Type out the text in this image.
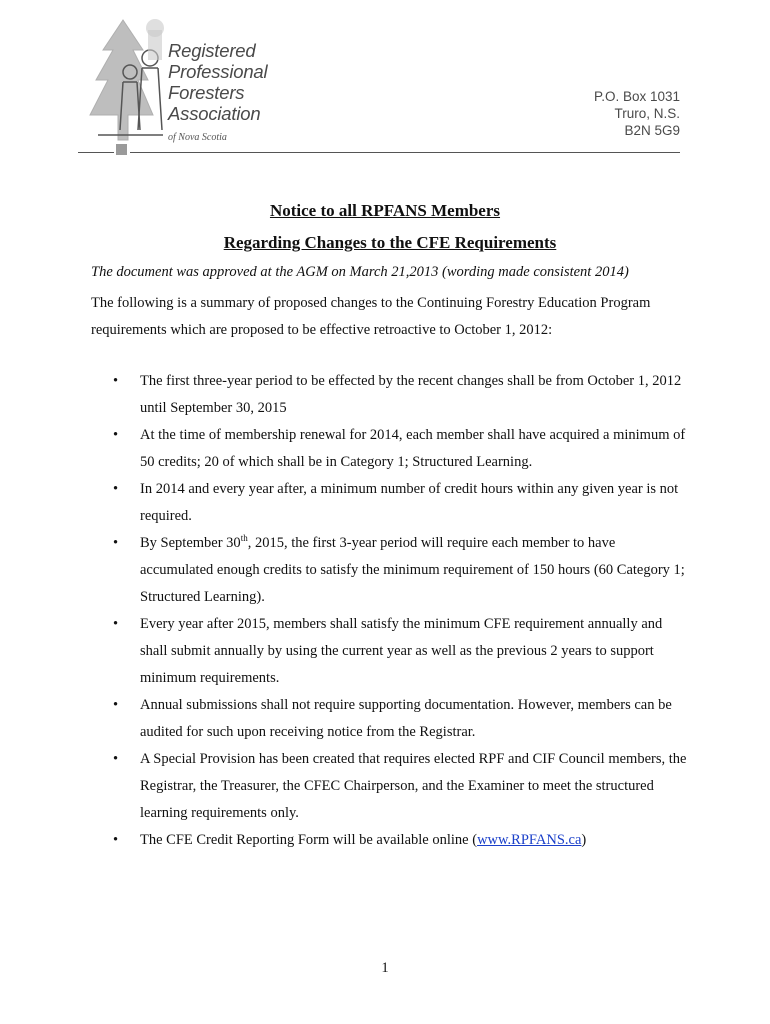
Registered
Professional
Foresters
Association
of Nova Scotia
P.O. Box 1031
Truro, N.S.
B2N 5G9
Notice to all RPFANS Members
Regarding Changes to the CFE Requirements
The document was approved at the AGM on March 21,2013 (wording made consistent 2014)
The following is a summary of proposed changes to the Continuing Forestry Education Program requirements which are proposed to be effective retroactive to October 1, 2012:
• The first three-year period to be effected by the recent changes shall be from October 1, 2012 until September 30, 2015
• At the time of membership renewal for 2014, each member shall have acquired a minimum of 50 credits; 20 of which shall be in Category 1; Structured Learning.
• In 2014 and every year after, a minimum number of credit hours within any given year is not required.
• By September 30th, 2015, the first 3-year period will require each member to have accumulated enough credits to satisfy the minimum requirement of 150 hours (60 Category 1; Structured Learning).
• Every year after 2015, members shall satisfy the minimum CFE requirement annually and shall submit annually by using the current year as well as the previous 2 years to support minimum requirements.
• Annual submissions shall not require supporting documentation. However, members can be audited for such upon receiving notice from the Registrar.
• A Special Provision has been created that requires elected RPF and CIF Council members, the Registrar, the Treasurer, the CFEC Chairperson, and the Examiner to meet the structured learning requirements only.
• The CFE Credit Reporting Form will be available online (www.RPFANS.ca)
1
